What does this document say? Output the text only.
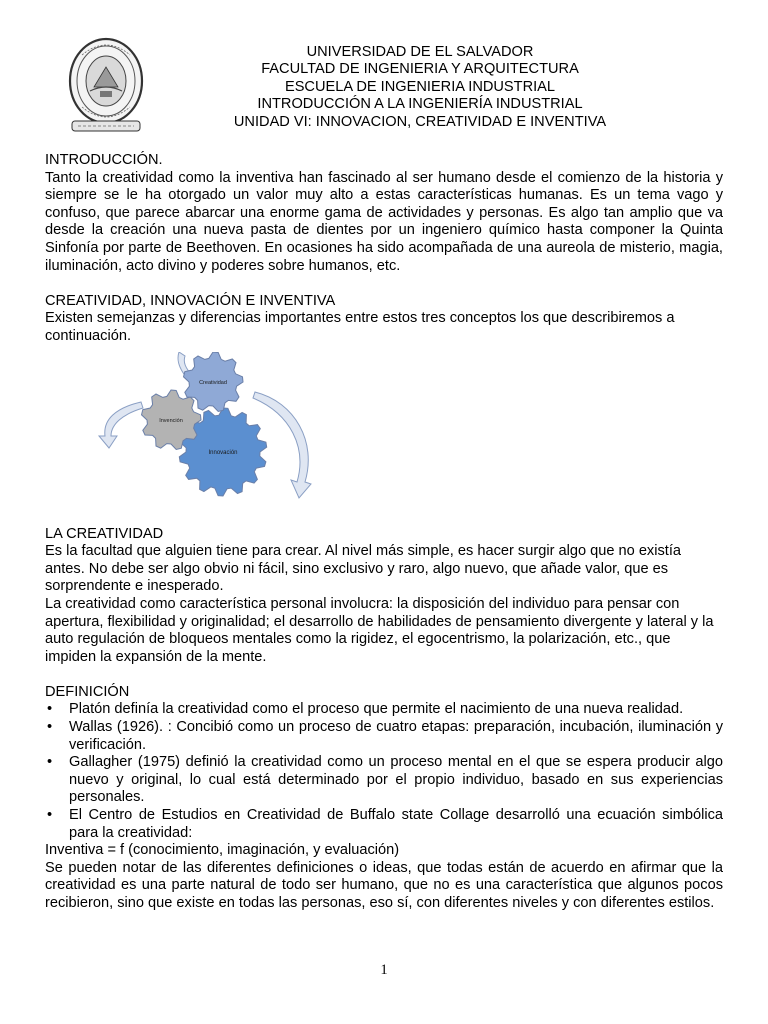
UNIVERSIDAD DE EL SALVADOR
FACULTAD DE INGENIERIA Y ARQUITECTURA
ESCUELA DE INGENIERIA INDUSTRIAL
INTRODUCCIÓN A LA INGENIERÍA INDUSTRIAL
UNIDAD VI: INNOVACION, CREATIVIDAD E INVENTIVA

INTRODUCCIÓN.

Tanto la creatividad como la inventiva han fascinado al ser humano desde el comienzo de la historia y siempre se le ha otorgado un valor muy alto a estas características humanas. Es un tema vago y confuso, que parece abarcar una enorme gama de actividades y personas. Es algo tan amplio que va desde la creación una nueva pasta de dientes por un ingeniero químico hasta componer la Quinta Sinfonía por parte de Beethoven. En ocasiones ha sido acompañada de una aureola de misterio, magia, iluminación, acto divino y poderes sobre humanos, etc.

CREATIVIDAD, INNOVACIÓN E INVENTIVA

Existen semejanzas y diferencias importantes entre estos tres conceptos los que describiremos a continuación.

Innovación
Invención
Creatividad

LA CREATIVIDAD

Es la facultad que alguien tiene para crear. Al nivel más simple, es hacer surgir algo que no existía antes. No debe ser algo obvio ni fácil, sino exclusivo y raro, algo nuevo, que añade valor, que es sorprendente e inesperado.

La creatividad como característica personal involucra: la disposición del individuo para pensar con apertura, flexibilidad y originalidad; el desarrollo de habilidades de pensamiento divergente y lateral y la auto regulación de bloqueos mentales como la rigidez, el egocentrismo, la polarización, etc., que impiden la expansión de la mente.

DEFINICIÓN

• Platón definía la creatividad como el proceso que permite el nacimiento de una nueva realidad.
• Wallas (1926). : Concibió como un proceso de cuatro etapas: preparación, incubación, iluminación y verificación.
• Gallagher (1975) definió la creatividad como un proceso mental en el que se espera producir algo nuevo y original, lo cual está determinado por el propio individuo, basado en sus experiencias personales.
• El Centro de Estudios en Creatividad de Buffalo state Collage desarrolló una ecuación simbólica para la creatividad:

Inventiva = f (conocimiento, imaginación, y evaluación)

Se pueden notar de las diferentes definiciones o ideas, que todas están de acuerdo en afirmar que la creatividad es una parte natural de todo ser humano, que no es una característica que algunos pocos recibieron, sino que existe en todas las personas, eso sí, con diferentes niveles y con diferentes estilos.

1
